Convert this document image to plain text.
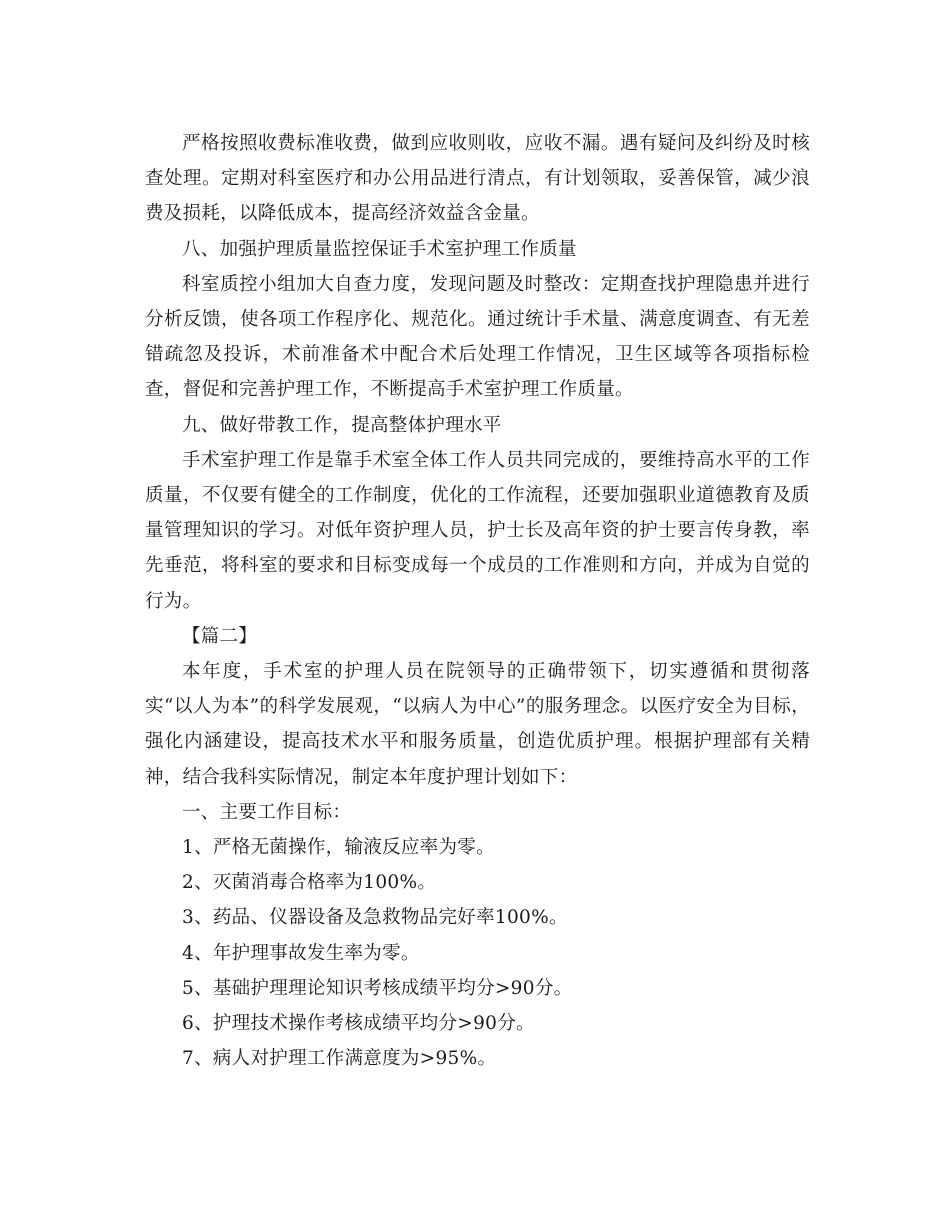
严格按照收费标准收费，做到应收则收，应收不漏。遇有疑问及纠纷及时核查处理。定期对科室医疗和办公用品进行清点，有计划领取，妥善保管，减少浪费及损耗，以降低成本，提高经济效益含金量。

八、加强护理质量监控保证手术室护理工作质量

科室质控小组加大自查力度，发现问题及时整改：定期查找护理隐患并进行分析反馈，使各项工作程序化、规范化。通过统计手术量、满意度调查、有无差错疏忽及投诉，术前准备术中配合术后处理工作情况，卫生区域等各项指标检查，督促和完善护理工作，不断提高手术室护理工作质量。

九、做好带教工作，提高整体护理水平

手术室护理工作是靠手术室全体工作人员共同完成的，要维持高水平的工作质量，不仅要有健全的工作制度，优化的工作流程，还要加强职业道德教育及质量管理知识的学习。对低年资护理人员，护士长及高年资的护士要言传身教，率先垂范，将科室的要求和目标变成每一个成员的工作准则和方向，并成为自觉的行为。

【篇二】

本年度，手术室的护理人员在院领导的正确带领下，切实遵循和贯彻落实“以人为本”的科学发展观，“以病人为中心”的服务理念。以医疗安全为目标，强化内涵建设，提高技术水平和服务质量，创造优质护理。根据护理部有关精神，结合我科实际情况，制定本年度护理计划如下：

一、主要工作目标：

1、严格无菌操作，输液反应率为零。

2、灭菌消毒合格率为100%。

3、药品、仪器设备及急救物品完好率100%。

4、年护理事故发生率为零。

5、基础护理理论知识考核成绩平均分>90分。

6、护理技术操作考核成绩平均分>90分。

7、病人对护理工作满意度为>95%。
